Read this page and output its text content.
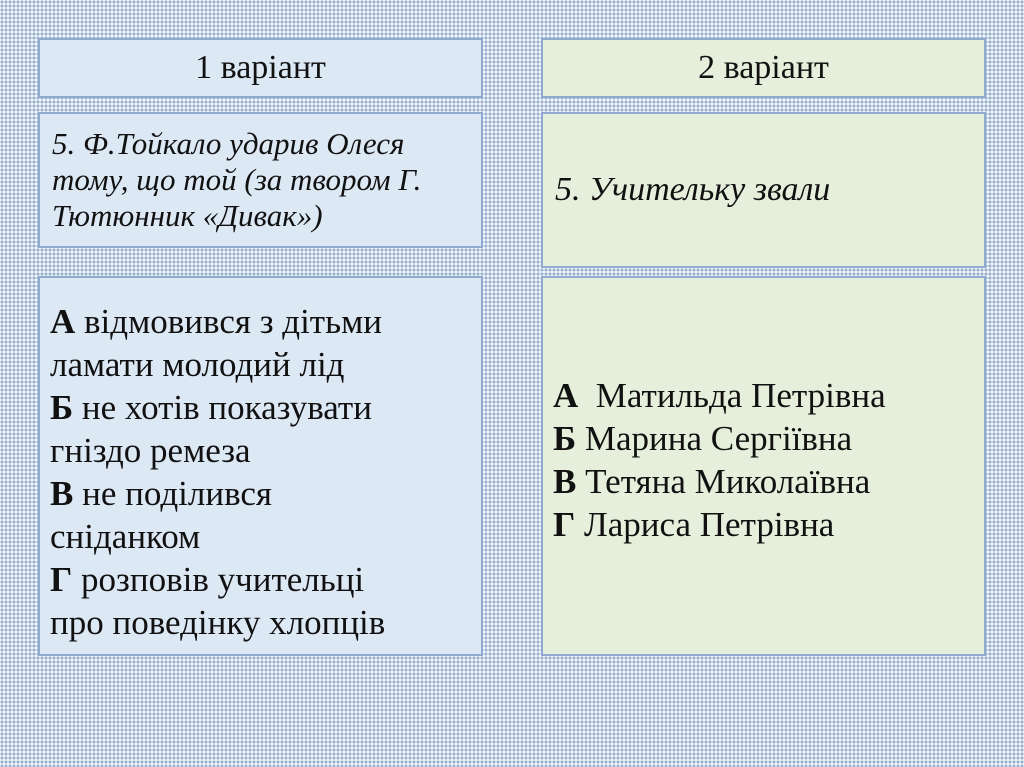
1 варіант	2 варіант
5. Ф.Тойкало ударив Олеся тому, що той (за твором Г. Тютюнник «Дивак»)
5. Учительку звали
А відмовився з дітьми
ламати молодий лід
Б не хотів показувати
гніздо ремеза
В не поділився
сніданком
Г розповів учительці
про поведінку хлопців
А  Матильда Петрівна
Б Марина Сергіївна
В Тетяна Миколаївна
Г Лариса Петрівна
